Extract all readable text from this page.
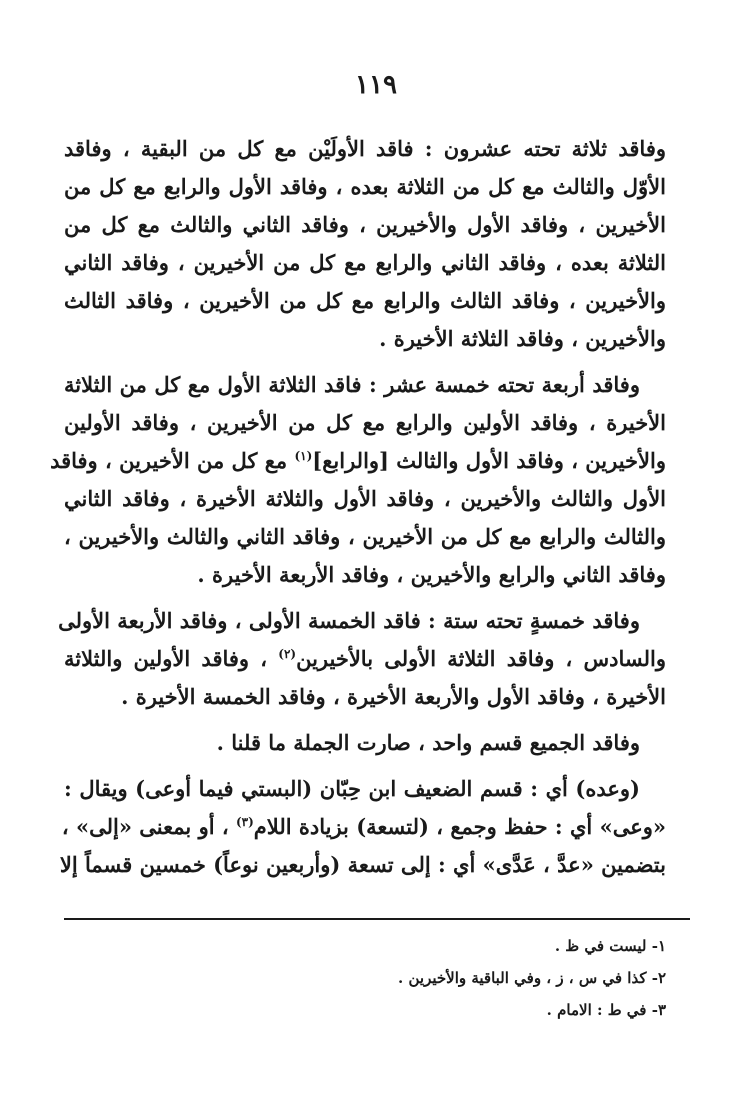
١١٩
وفاقد ثلاثة تحته عشرون : فاقد الأولَيْن مع كل من البقية ، وفاقد
الأوّل والثالث مع كل من الثلاثة بعده ، وفاقد الأول والرابع مع كل من
الأخيرين ، وفاقد الأول والأخيرين ، وفاقد الثاني والثالث مع كل من
الثلاثة بعده ، وفاقد الثاني والرابع مع كل من الأخيرين ، وفاقد الثاني
والأخيرين ، وفاقد الثالث والرابع مع كل من الأخيرين ، وفاقد الثالث
والأخيرين ، وفاقد الثلاثة الأخيرة .
وفاقد أربعة تحته خمسة عشر : فاقد الثلاثة الأول مع كل من الثلاثة
الأخيرة ، وفاقد الأولين والرابع مع كل من الأخيرين ، وفاقد الأولين
والأخيرين ، وفاقد الأول والثالث [والرابع]$^{(١)}$ مع كل من الأخيرين ، وفاقد
الأول والثالث والأخيرين ، وفاقد الأول والثلاثة الأخيرة ، وفاقد الثاني
والثالث والرابع مع كل من الأخيرين ، وفاقد الثاني والثالث والأخيرين ،
وفاقد الثاني والرابع والأخيرين ، وفاقد الأربعة الأخيرة .
وفاقد خمسةٍ تحته ستة : فاقد الخمسة الأولى ، وفاقد الأربعة الأولى
والسادس ، وفاقد الثلاثة الأولى بالأخيرين$^{(٢)}$ ، وفاقد الأولين والثلاثة
الأخيرة ، وفاقد الأول والأربعة الأخيرة ، وفاقد الخمسة الأخيرة .
وفاقد الجميع قسم واحد ، صارت الجملة ما قلنا .
(وعده) أي : قسم الضعيف ابن حِبّان (البستي فيما أوعى) ويقال :
«وعى» أي : حفظ وجمع ، (لتسعة) بزيادة اللام$^{(٣)}$ ، أو بمعنى «إلى» ،
بتضمين «عدَّ ، عَدَّى» أي : إلى تسعة (وأربعين نوعاً) خمسين قسماً إلا
١- ليست في ظ .
٢- كذا في س ، ز ، وفي الباقية والأخيرين .
٣- في ط : الامام .
